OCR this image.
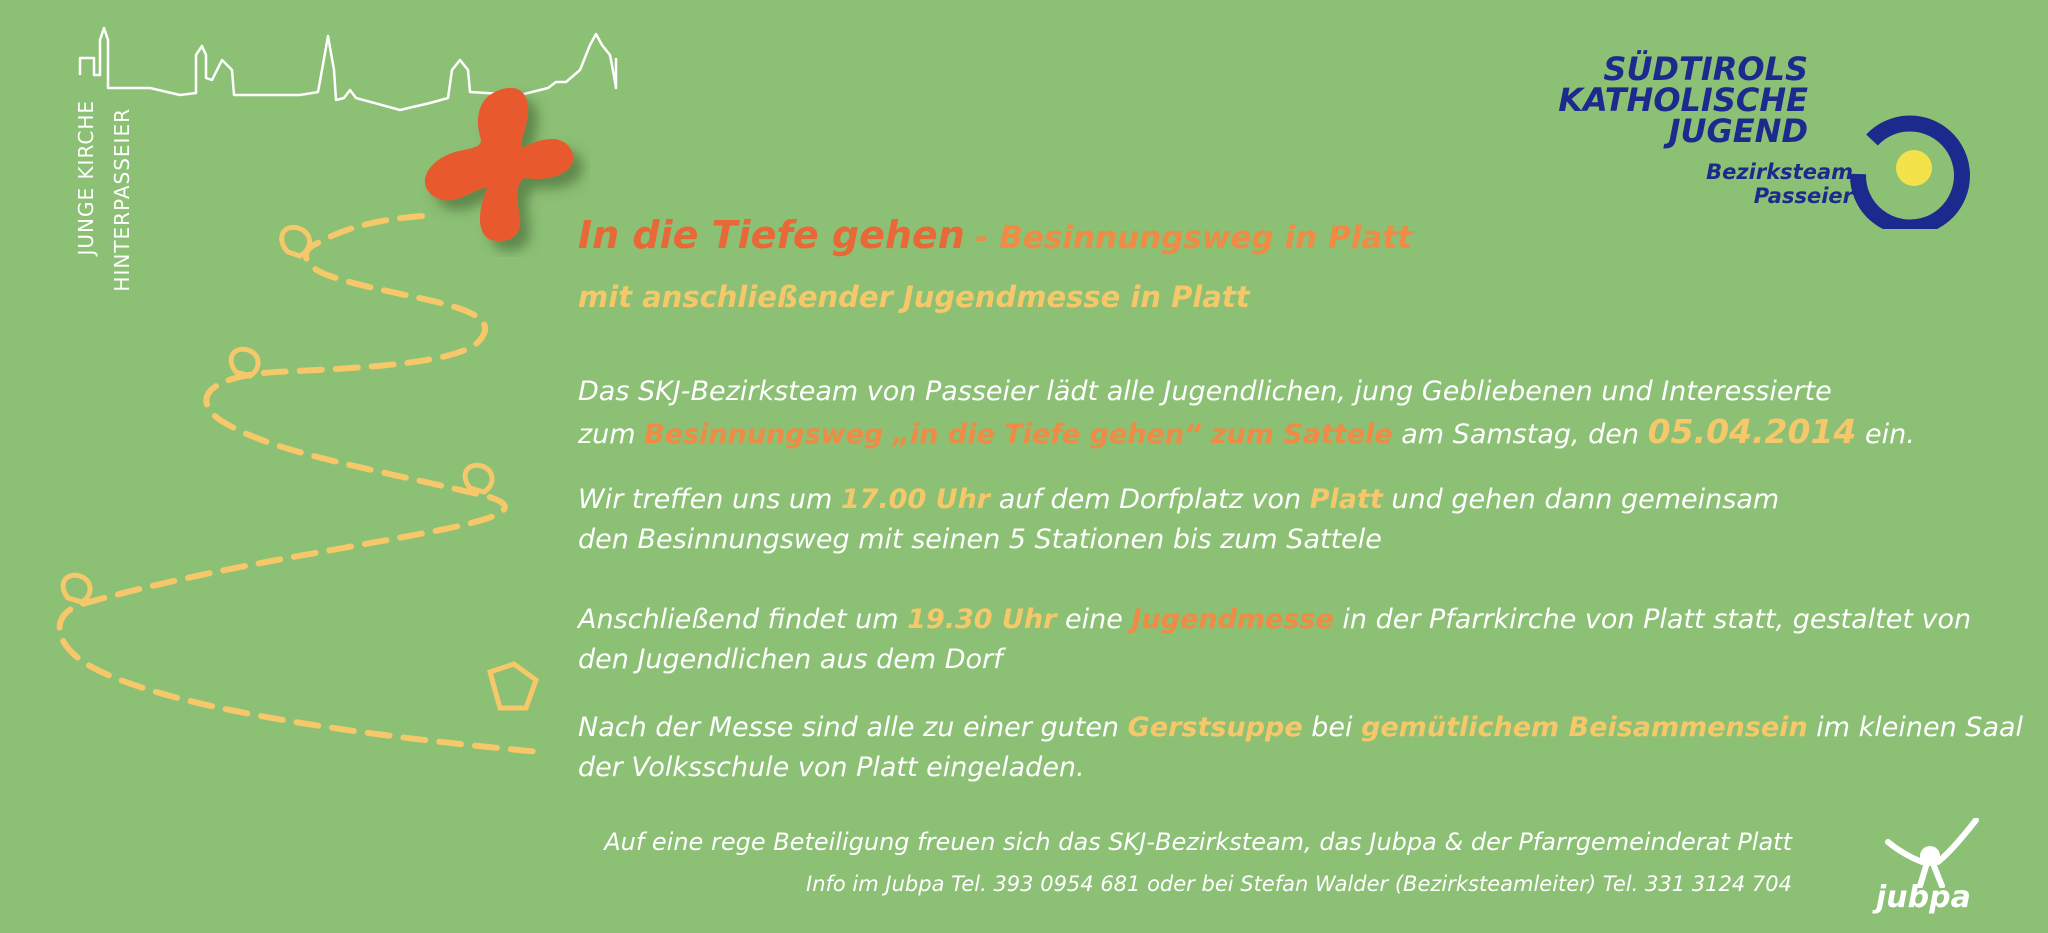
JUNGE KIRCHE HINTERPASSEIER
SÜDTIROLS
KATHOLISCHE
JUGEND
Bezirksteam
Passeier
In die Tiefe gehen - Besinnungsweg in Platt
mit anschließender Jugendmesse in Platt
Das SKJ-Bezirksteam von Passeier lädt alle Jugendlichen, jung Gebliebenen und Interessierte
zum Besinnungsweg „in die Tiefe gehen“ zum Sattele am Samstag, den 05.04.2014 ein.
Wir treffen uns um 17.00 Uhr auf dem Dorfplatz von Platt und gehen dann gemeinsam
den Besinnungsweg mit seinen 5 Stationen bis zum Sattele
Anschließend findet um 19.30 Uhr eine Jugendmesse in der Pfarrkirche von Platt statt, gestaltet von
den Jugendlichen aus dem Dorf
Nach der Messe sind alle zu einer guten Gerstsuppe bei gemütlichem Beisammensein im kleinen Saal
der Volksschule von Platt eingeladen.
Auf eine rege Beteiligung freuen sich das SKJ-Bezirksteam, das Jubpa & der Pfarrgemeinderat Platt
Info im Jubpa Tel. 393 0954 681 oder bei Stefan Walder (Bezirksteamleiter) Tel. 331 3124 704	jubpa
